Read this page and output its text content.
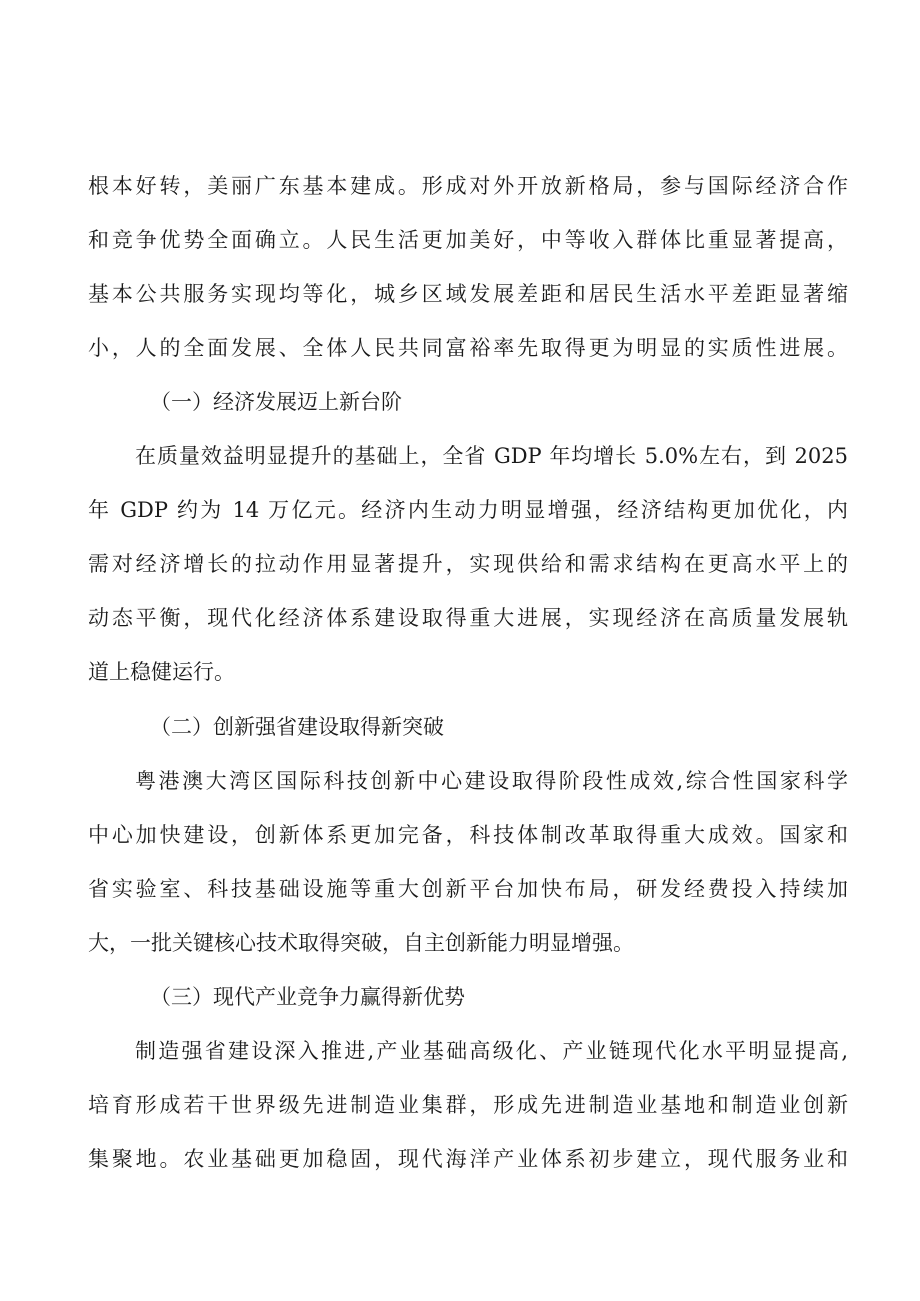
根本好转，美丽广东基本建成。形成对外开放新格局，参与国际经济合作
和竞争优势全面确立。人民生活更加美好，中等收入群体比重显著提高，
基本公共服务实现均等化，城乡区域发展差距和居民生活水平差距显著缩
小，人的全面发展、全体人民共同富裕率先取得更为明显的实质性进展。
（一）经济发展迈上新台阶
在质量效益明显提升的基础上，全省 GDP 年均增长 5.0%左右，到 2025
年 GDP 约为 14 万亿元。经济内生动力明显增强，经济结构更加优化，内
需对经济增长的拉动作用显著提升，实现供给和需求结构在更高水平上的
动态平衡，现代化经济体系建设取得重大进展，实现经济在高质量发展轨
道上稳健运行。
（二）创新强省建设取得新突破
粤港澳大湾区国际科技创新中心建设取得阶段性成效,综合性国家科学
中心加快建设，创新体系更加完备，科技体制改革取得重大成效。国家和
省实验室、科技基础设施等重大创新平台加快布局，研发经费投入持续加
大，一批关键核心技术取得突破，自主创新能力明显增强。
（三）现代产业竞争力赢得新优势
制造强省建设深入推进,产业基础高级化、产业链现代化水平明显提高,
培育形成若干世界级先进制造业集群，形成先进制造业基地和制造业创新
集聚地。农业基础更加稳固，现代海洋产业体系初步建立，现代服务业和
